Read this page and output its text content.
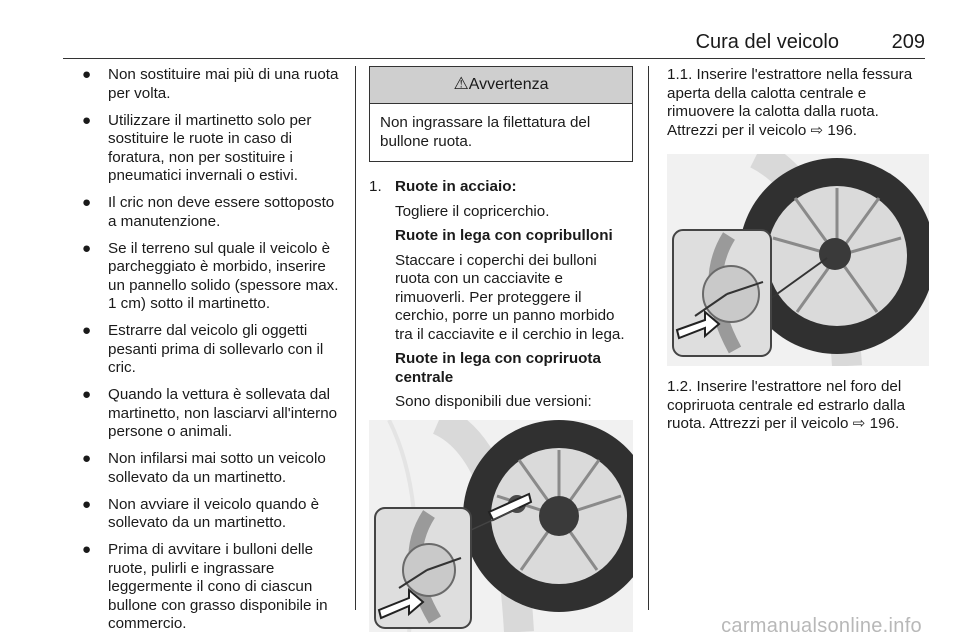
Cura del veicolo	209
● Non sostituire mai più di una ruota per volta.
● Utilizzare il martinetto solo per sostituire le ruote in caso di foratura, non per sostituire i pneumatici invernali o estivi.
● Il cric non deve essere sottoposto a manutenzione.
● Se il terreno sul quale il veicolo è parcheggiato è morbido, inserire un pannello solido (spessore max. 1 cm) sotto il martinetto.
● Estrarre dal veicolo gli oggetti pesanti prima di sollevarlo con il cric.
● Quando la vettura è sollevata dal martinetto, non lasciarvi all'interno persone o animali.
● Non infilarsi mai sotto un veicolo sollevato da un martinetto.
● Non avviare il veicolo quando è sollevato da un martinetto.
● Prima di avvitare i bulloni delle ruote, pulirli e ingrassare leggermente il cono di ciascun bullone con grasso disponibile in commercio.
⚠Avvertenza
Non ingrassare la filettatura del bullone ruota.
1. Ruote in acciaio:

Togliere il copricerchio.

Ruote in lega con copribulloni

Staccare i coperchi dei bulloni ruota con un cacciavite e rimuoverli. Per proteggere il cerchio, porre un panno morbido tra il cacciavite e il cerchio in lega.

Ruote in lega con copriruota centrale

Sono disponibili due versioni:

1.1. Inserire l'estrattore nella fessura aperta della calotta centrale e rimuovere la calotta dalla ruota. Attrezzi per il veicolo ⇨ 196.

1.2. Inserire l'estrattore nel foro del copriruota centrale ed estrarlo dalla ruota. Attrezzi per il veicolo ⇨ 196.

carmanualsonline.info
